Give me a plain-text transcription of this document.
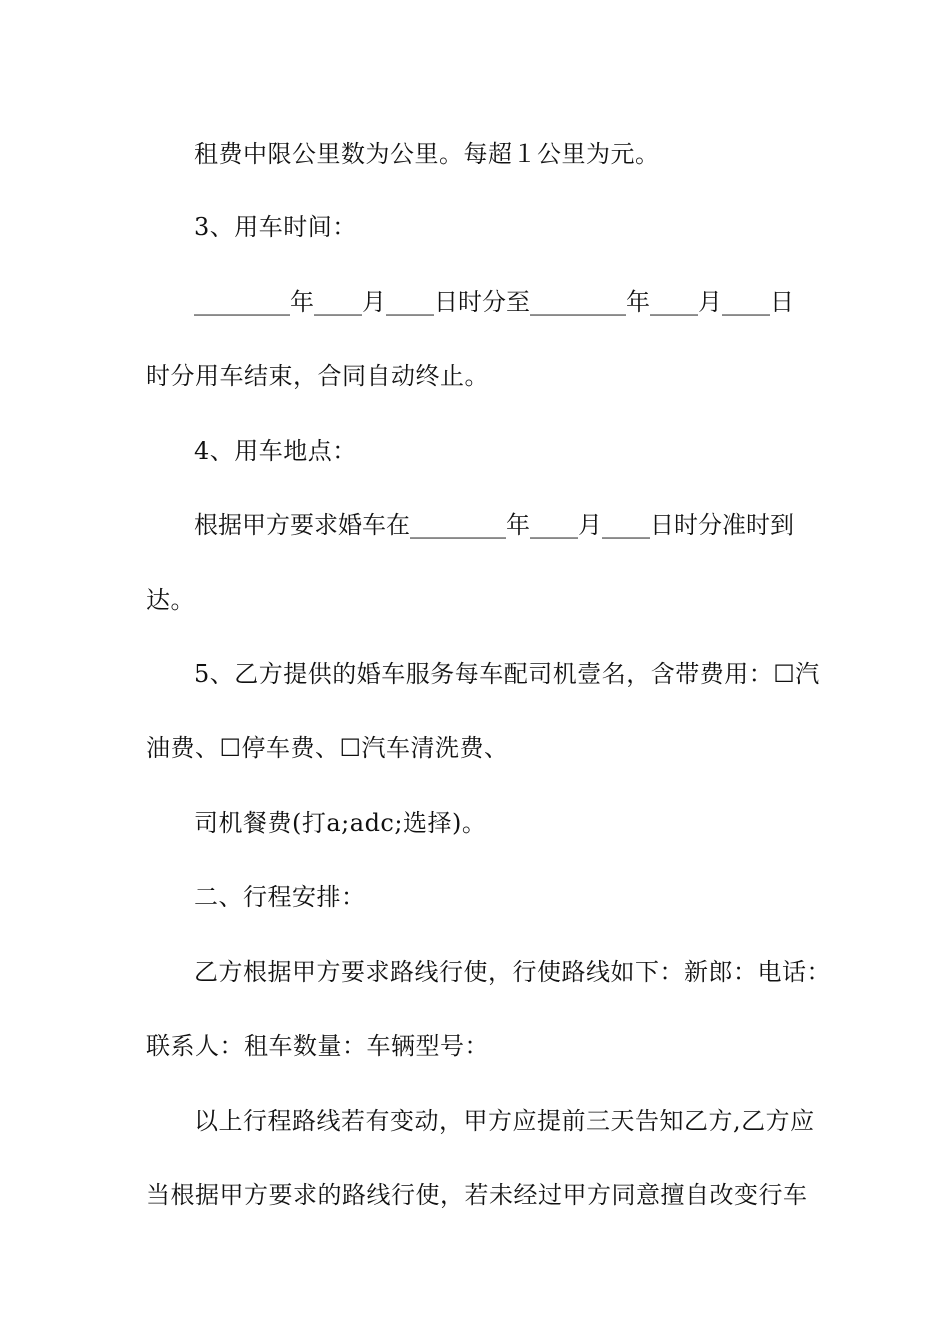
租费中限公里数为公里。每超１公里为元。
3、用车时间：
________年____月____日时分至________年____月____日
时分用车结束，合同自动终止。
4、用车地点：
根据甲方要求婚车在________年____月____日时分准时到
达。
5、乙方提供的婚车服务每车配司机壹名，含带费用：☐汽
油费、☐停车费、☐汽车清洗费、
司机餐费(打a;adc;选择)。
二、行程安排：
乙方根据甲方要求路线行使，行使路线如下：新郎：电话：
联系人：租车数量：车辆型号：
以上行程路线若有变动，甲方应提前三天告知乙方,乙方应
当根据甲方要求的路线行使，若未经过甲方同意擅自改变行车
